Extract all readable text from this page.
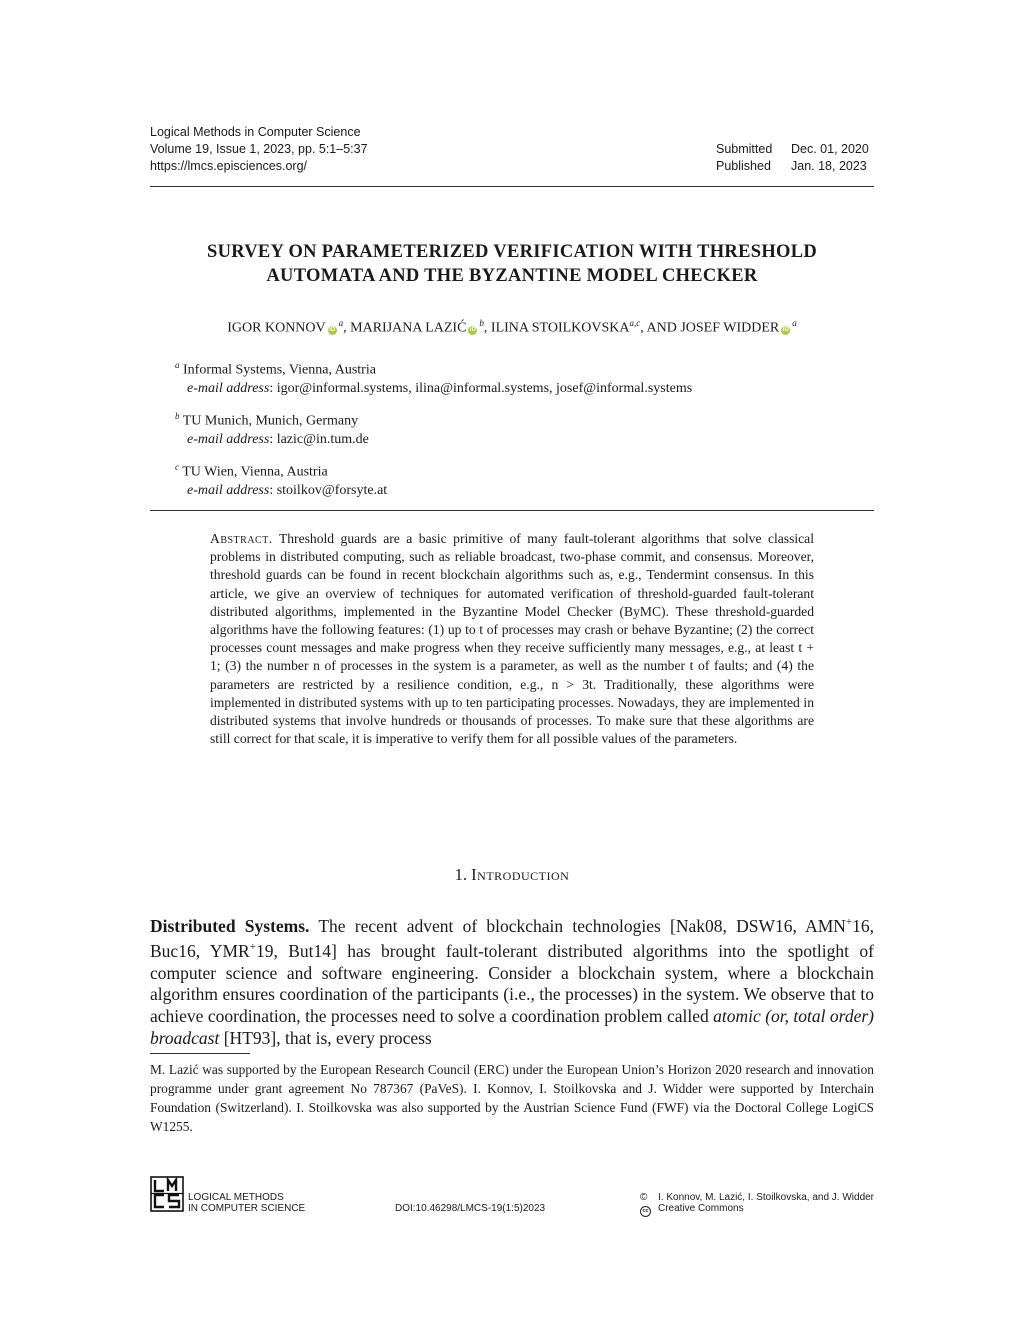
Logical Methods in Computer Science
Volume 19, Issue 1, 2023, pp. 5:1–5:37
https://lmcs.episciences.org/
Submitted	Dec. 01, 2020
Published	Jan. 18, 2023
SURVEY ON PARAMETERIZED VERIFICATION WITH THRESHOLD
AUTOMATA AND THE BYZANTINE MODEL CHECKER
IGOR KONNOV $iD^a$, MARIJANA LAZIĆ $iD^b$, ILINA STOILKOVSKA$^{a,c}$, AND JOSEF WIDDER $iD^a$
$^a$ Informal Systems, Vienna, Austria
e-mail address: igor@informal.systems, ilina@informal.systems, josef@informal.systems
$^b$ TU Munich, Munich, Germany
e-mail address: lazic@in.tum.de
$^c$ TU Wien, Vienna, Austria
e-mail address: stoilkov@forsyte.at
Abstract. Threshold guards are a basic primitive of many fault-tolerant algorithms that solve classical problems in distributed computing, such as reliable broadcast, two-phase commit, and consensus. Moreover, threshold guards can be found in recent blockchain algorithms such as, e.g., Tendermint consensus. In this article, we give an overview of techniques for automated verification of threshold-guarded fault-tolerant distributed algorithms, implemented in the Byzantine Model Checker (ByMC). These threshold-guarded algorithms have the following features: (1) up to t of processes may crash or behave Byzantine; (2) the correct processes count messages and make progress when they receive sufficiently many messages, e.g., at least t + 1; (3) the number n of processes in the system is a parameter, as well as the number t of faults; and (4) the parameters are restricted by a resilience condition, e.g., n > 3t. Traditionally, these algorithms were implemented in distributed systems with up to ten participating processes. Nowadays, they are implemented in distributed systems that involve hundreds or thousands of processes. To make sure that these algorithms are still correct for that scale, it is imperative to verify them for all possible values of the parameters.
1. Introduction
Distributed Systems. The recent advent of blockchain technologies [Nak08, DSW16, AMN+16, Buc16, YMR+19, But14] has brought fault-tolerant distributed algorithms into the spotlight of computer science and software engineering. Consider a blockchain system, where a blockchain algorithm ensures coordination of the participants (i.e., the processes) in the system. We observe that to achieve coordination, the processes need to solve a coordination problem called atomic (or, total order) broadcast [HT93], that is, every process
M. Lazić was supported by the European Research Council (ERC) under the European Union’s Horizon 2020 research and innovation programme under grant agreement No 787367 (PaVeS). I. Konnov, I. Stoilkovska and J. Widder were supported by Interchain Foundation (Switzerland). I. Stoilkovska was also supported by the Austrian Science Fund (FWF) via the Doctoral College LogiCS W1255.
LOGICAL METHODS
IN COMPUTER SCIENCE	DOI:10.46298/LMCS-19(1:5)2023
© I. Konnov, M. Lazić, I. Stoilkovska, and J. Widder
cc Creative Commons
